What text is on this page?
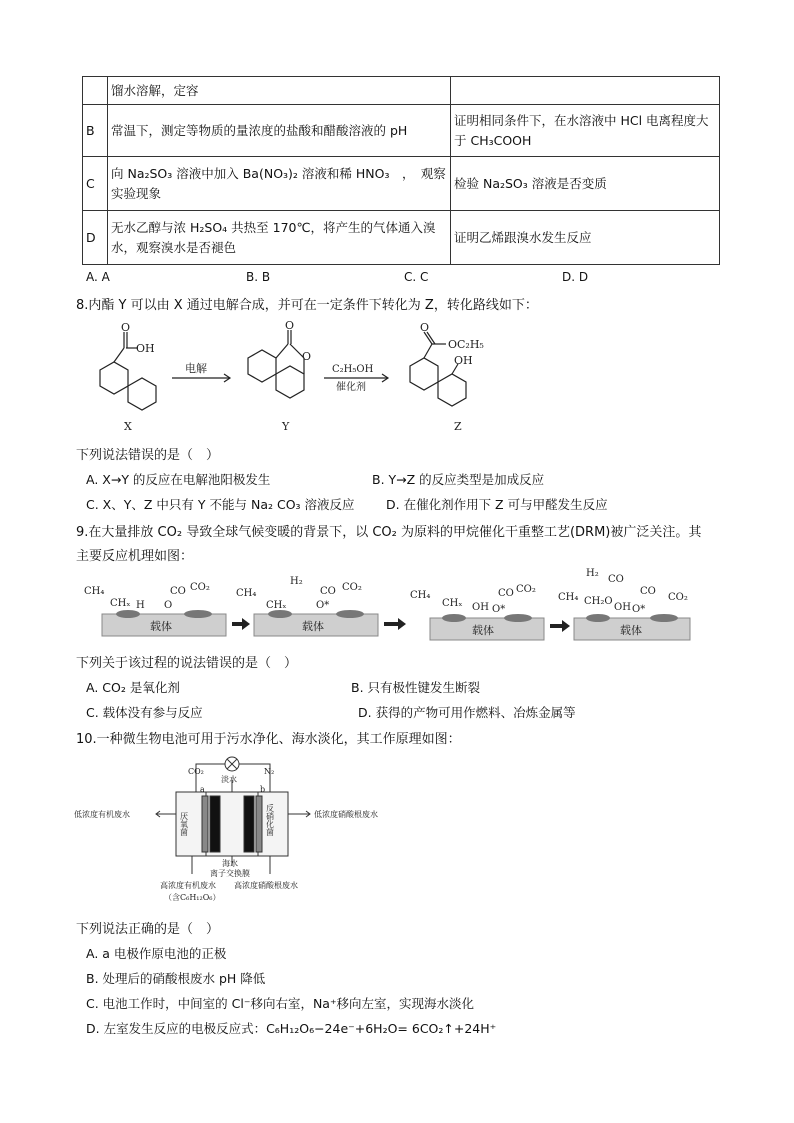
	馏水溶解，定容	
B	常温下，测定等物质的量浓度的盐酸和醋酸溶液的 pH	证明相同条件下，在水溶液中 HCl 电离程度大于 CH₃COOH
C	向 Na₂SO₃ 溶液中加入 Ba(NO₃)₂ 溶液和稀 HNO₃　，　观察实验现象	检验 Na₂SO₃ 溶液是否变质
D	无水乙醇与浓 H₂SO₄ 共热至 170℃，将产生的气体通入溴水，观察溴水是否褪色	证明乙烯跟溴水发生反应
A. A	B. B	C. C	D. D
8.内酯 Y 可以由 X 通过电解合成，并可在一定条件下转化为 Z，转化路线如下：
O
OH
X
电解
O
O
Y
C₂H₅OH
催化剂
O
OC₂H₅
OH
Z
下列说法错误的是（　）
A. X→Y 的反应在电解池阳极发生	B. Y→Z 的反应类型是加成反应
C. X、Y、Z 中只有 Y 不能与 Na₂ CO₃ 溶液反应	D. 在催化剂作用下 Z 可与甲醛发生反应
9.在大量排放 CO₂ 导致全球气候变暖的背景下，以 CO₂ 为原料的甲烷催化干重整工艺(DRM)被广泛关注。其
主要反应机理如图：
载体
CH₄
CHₓ H
CO CO₂
O
载体
CH₄
H₂
CHₓ
CO CO₂
O*
载体
CH₄
CHₓ OH
CO CO₂
O*
载体
H₂
CO
CH₄ CH₂O
OH
CO
CO₂
O*
下列关于该过程的说法错误的是（　）
A. CO₂ 是氧化剂	B. 只有极性键发生断裂
C. 载体没有参与反应	D. 获得的产物可用作燃料、冶炼金属等
10.一种微生物电池可用于污水净化、海水淡化，其工作原理如图：
CO₂	N₂
a	b
淡水
低浓度有机废水	低浓度硝酸根废水
厌氧菌	反硝化菌
海水
离子交换膜
高浓度有机废水
（含C₆H₁₂O₆）
高浓度硝酸根废水
下列说法正确的是（　）
A. a 电极作原电池的正极
B. 处理后的硝酸根废水 pH 降低
C. 电池工作时，中间室的 Cl⁻移向右室，Na⁺移向左室，实现海水淡化
D. 左室发生反应的电极反应式：C₆H₁₂O₆−24e⁻+6H₂O= 6CO₂↑+24H⁺
